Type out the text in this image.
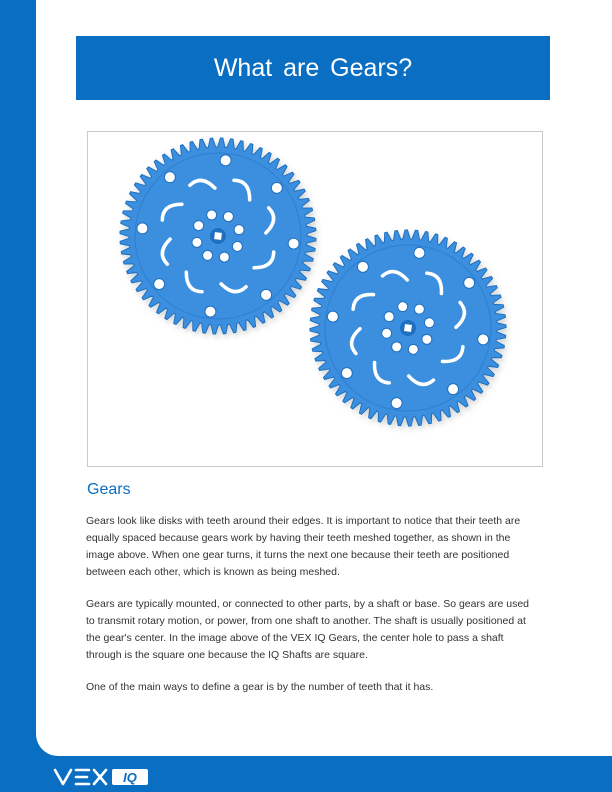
What are Gears?
Gears

Gears look like disks with teeth around their edges. It is important to notice that their teeth are equally spaced because gears work by having their teeth meshed together, as shown in the image above. When one gear turns, it turns the next one because their teeth are positioned between each other, which is known as being meshed.

Gears are typically mounted, or connected to other parts, by a shaft or base. So gears are used to transmit rotary motion, or power, from one shaft to another. The shaft is usually positioned at the gear's center. In the image above of the VEX IQ Gears, the center hole to pass a shaft through is the square one because the IQ Shafts are square.

One of the main ways to define a gear is by the number of teeth that it has.

IQ
